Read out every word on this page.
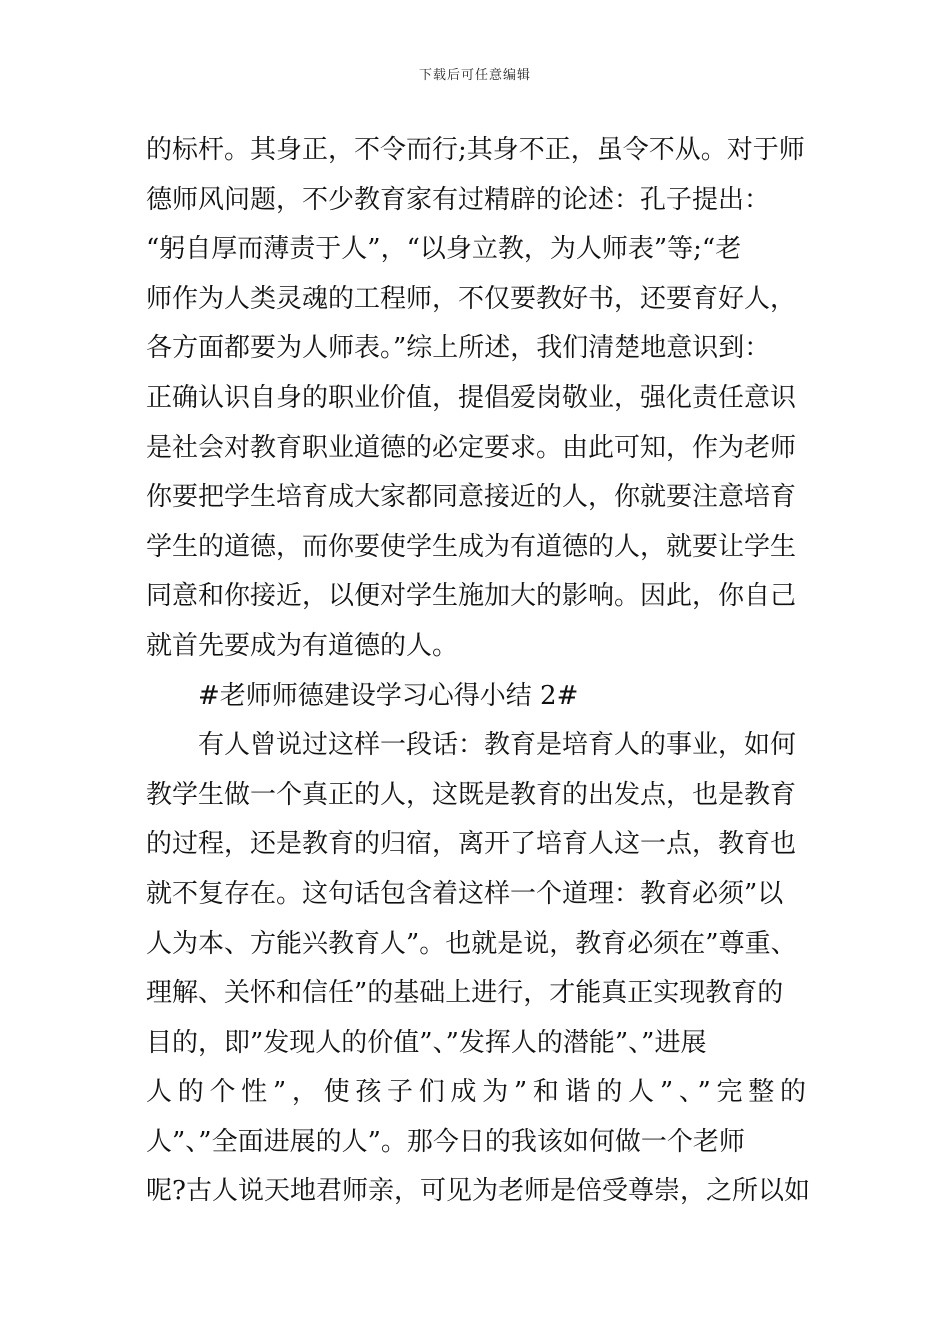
下载后可任意编辑
的标杆。其身正，不令而行;其身不正，虽令不从。对于师
德师风问题，不少教育家有过精辟的论述：孔子提出：
“躬自厚而薄责于人”，“以身立教，为人师表”等;“老
师作为人类灵魂的工程师，不仅要教好书，还要育好人，
各方面都要为人师表。”综上所述，我们清楚地意识到：
正确认识自身的职业价值，提倡爱岗敬业，强化责任意识
是社会对教育职业道德的必定要求。由此可知，作为老师
你要把学生培育成大家都同意接近的人，你就要注意培育
学生的道德，而你要使学生成为有道德的人，就要让学生
同意和你接近，以便对学生施加大的影响。因此，你自己
就首先要成为有道德的人。
#老师师德建设学习心得小结 2#
有人曾说过这样一段话：教育是培育人的事业，如何
教学生做一个真正的人，这既是教育的出发点，也是教育
的过程，还是教育的归宿，离开了培育人这一点，教育也
就不复存在。这句话包含着这样一个道理：教育必须”以
人为本、方能兴教育人”。也就是说，教育必须在”尊重、
理解、关怀和信任”的基础上进行，才能真正实现教育的
目的，即”发现人的价值”、”发挥人的潜能”、”进展
人的个性”，使孩子们成为”和谐的人”、”完整的
人”、”全面进展的人”。那今日的我该如何做一个老师
呢?古人说天地君师亲，可见为老师是倍受尊崇，之所以如
